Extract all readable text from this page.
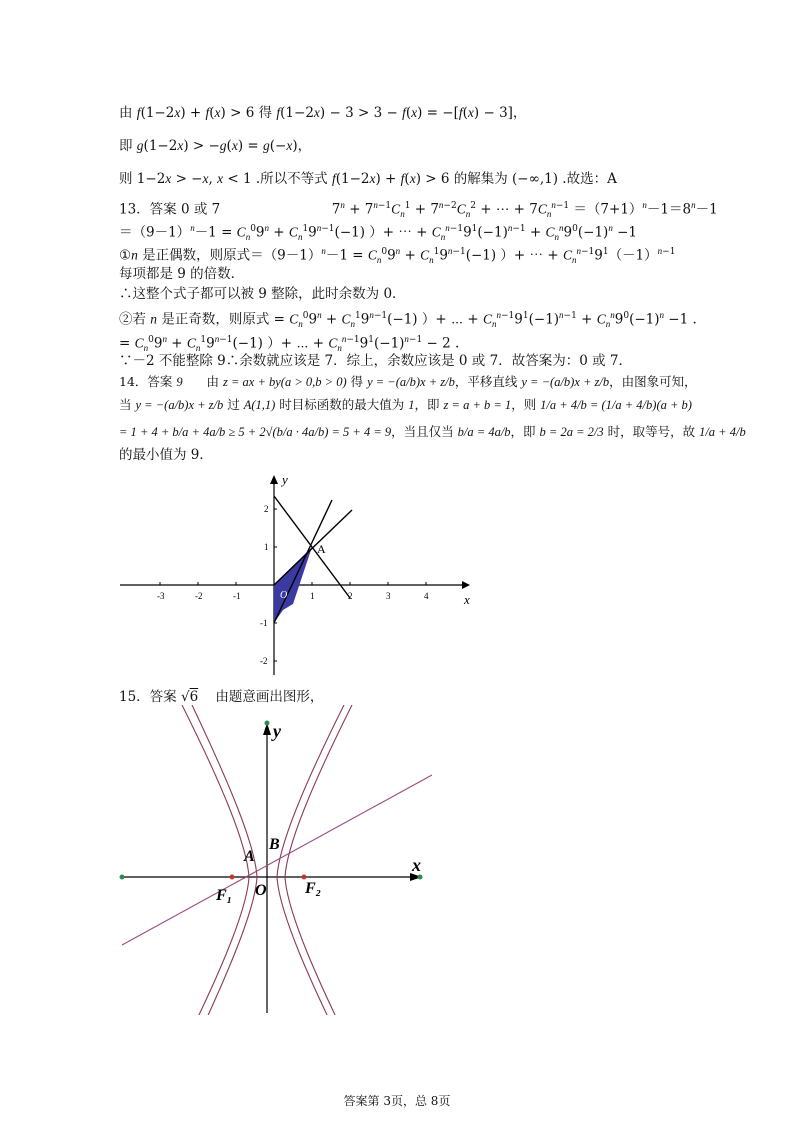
由 f(1−2x) + f(x) > 6 得 f(1−2x) − 3 > 3 − f(x) = −[f(x) − 3]，
即 g(1−2x) > −g(x) = g(−x)，
则 1−2x > −x, x < 1 .所以不等式 f(1−2x) + f(x) > 6 的解集为 (−∞,1) .故选：A
13．答案 0 或 7                          $7^n + 7^{n-1}C_n^1 + 7^{n-2}C_n^2$ + ⋯ + $7C_n^{n-1} =(7+1)^n-1=8^n-1$
$=(9-1)^n-1 = C_n^09^n + C_n^19^{n-1}(-1)$ ）+ ⋯ + $C_n^{n-1}9^1(-1)^{n-1} + C_n^n9^0(-1)^n -1$
①n 是正偶数，则原式$=(9-1)^n-1 = C_n^09^n + C_n^19^{n-1}(-1)$ ）+ ⋯ + $C_n^{n-1}9^1(-1)^{n-1}$
每项都是 9 的倍数．
∴这整个式子都可以被 9 整除，此时余数为 0．
②若 n 是正奇数，则原式 = $C_n^09^n + C_n^19^{n-1}(-1)$ ）+ ⋯ + $C_n^{n-1}9^1(-1)^{n-1} + C_n^n9^0(-1)^n -1$ .
= $C_n^09^n + C_n^19^{n-1}(-1)$ ）+ ⋯ + $C_n^{n-1}9^1(-1)^{n-1} - 2$ .
∵－2 不能整除 9∴余数就应该是 7．综上，余数应该是 0 或 7．故答案为：0 或 7．
14．答案 9      由 z = ax + by(a > 0,b > 0) 得 y = −(a/b)x + z/b，平移直线 y = −(a/b)x + z/b，由图象可知，
当 y = −(a/b)x + z/b 过 A(1,1) 时目标函数的最大值为 1，即 z = a + b = 1，则 1/a + 4/b = (1/a + 4/b)(a + b)
= 1 + 4 + b/a + 4a/b ≥ 5 + 2√(b/a · 4a/b) = 5 + 4 = 9，当且仅当 b/a = 4a/b，即 b = 2a = 2/3 时，取等号，故 1/a + 4/b
的最小值为 9．
-3	-2	-1	1	2	3	4
2
1
-1
-2
x
y
A
O
15．答案 √6    由题意画出图形，
x
y
A
B
O
F₁	F₂
答案第 3页，总 8页
